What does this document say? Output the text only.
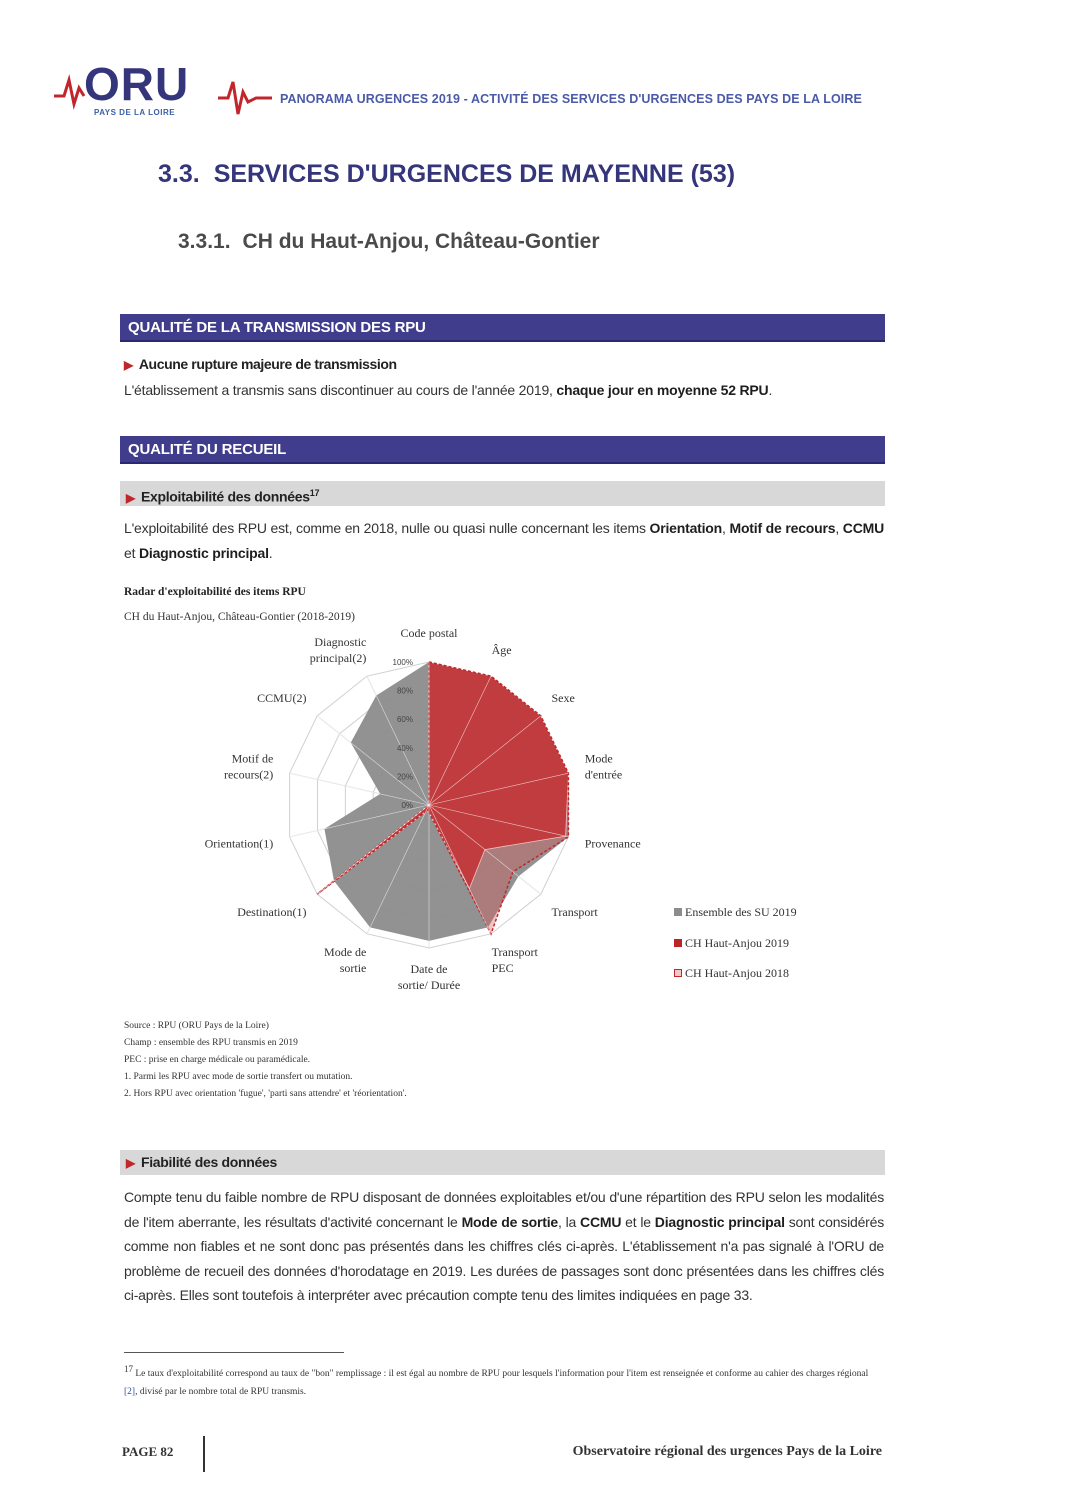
ORU
PAYS DE LA LOIRE
PANORAMA URGENCES 2019 - ACTIVITÉ DES SERVICES D'URGENCES DES PAYS DE LA LOIRE
3.3. SERVICES D'URGENCES DE MAYENNE (53)
3.3.1. CH du Haut-Anjou, Château-Gontier
QUALITÉ DE LA TRANSMISSION DES RPU
▶ Aucune rupture majeure de transmission
L'établissement a transmis sans discontinuer au cours de l'année 2019, chaque jour en moyenne 52 RPU.
QUALITÉ DU RECUEIL
▶ Exploitabilité des données$^{17}$
L'exploitabilité des RPU est, comme en 2018, nulle ou quasi nulle concernant les items Orientation, Motif de recours, CCMU et Diagnostic principal.
Radar d'exploitabilité des items RPU
CH du Haut-Anjou, Château-Gontier (2018-2019)
0%
20%
40%
60%
80%
100%
Code postal
Âge
Sexe
Mode
d'entrée
Provenance
Transport
Transport
PEC
Date de
sortie/ Durée
Mode de
sortie
Destination(1)
Orientation(1)
Motif de
recours(2)
CCMU(2)
Diagnostic
principal(2)
Ensemble des SU 2019
CH Haut-Anjou 2019
CH Haut-Anjou 2018
Source : RPU (ORU Pays de la Loire)
Champ : ensemble des RPU transmis en 2019
PEC : prise en charge médicale ou paramédicale.
1. Parmi les RPU avec mode de sortie transfert ou mutation.
2. Hors RPU avec orientation 'fugue', 'parti sans attendre' et 'réorientation'.
▶ Fiabilité des données
Compte tenu du faible nombre de RPU disposant de données exploitables et/ou d'une répartition des RPU selon les modalités de l'item aberrante, les résultats d'activité concernant le Mode de sortie, la CCMU et le Diagnostic principal sont considérés comme non fiables et ne sont donc pas présentés dans les chiffres clés ci-après. L'établissement n'a pas signalé à l'ORU de problème de recueil des données d'horodatage en 2019. Les durées de passages sont donc présentées dans les chiffres clés ci-après. Elles sont toutefois à interpréter avec précaution compte tenu des limites indiquées en page 33.
17 Le taux d'exploitabilité correspond au taux de "bon" remplissage : il est égal au nombre de RPU pour lesquels l'information pour l'item est renseignée et conforme au cahier des charges régional [2], divisé par le nombre total de RPU transmis.
PAGE 82	Observatoire régional des urgences Pays de la Loire
